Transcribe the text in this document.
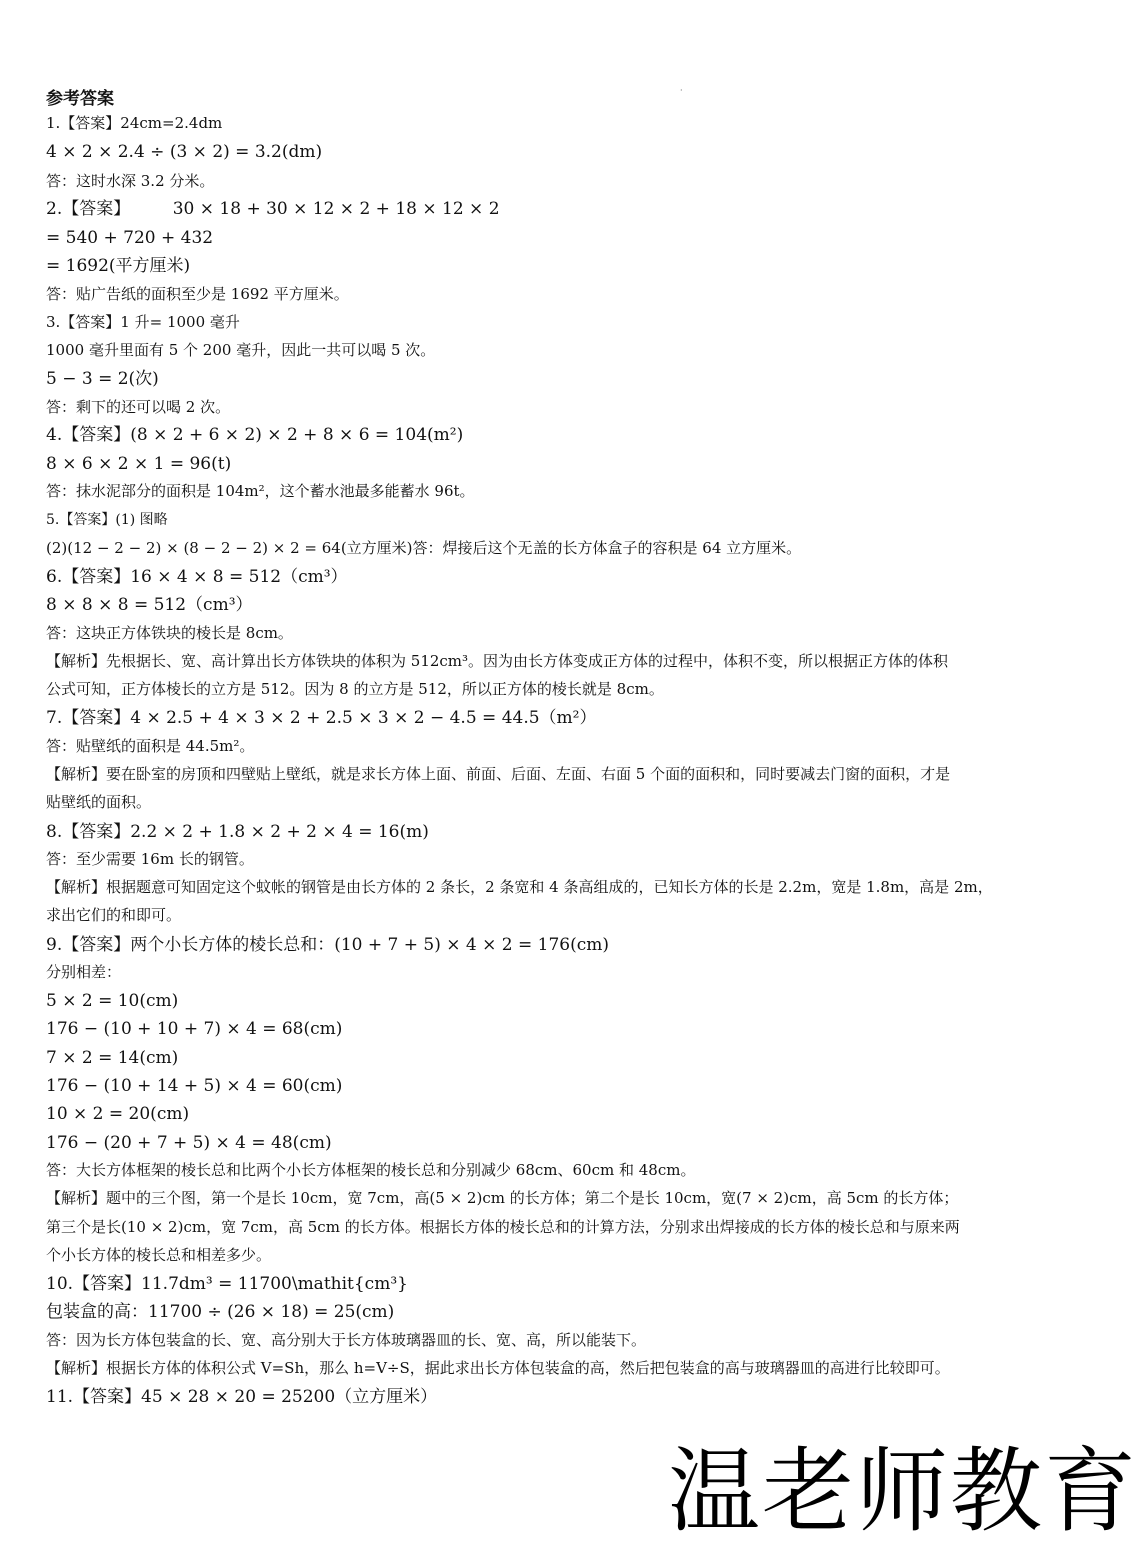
参考答案	·
1.【答案】24cm=2.4dm
4 × 2 × 2.4 ÷ (3 × 2) = 3.2(dm)
答：这时水深 3.2 分米。
2.【答案】　　　30 × 18 + 30 × 12 × 2 + 18 × 12 × 2
= 540 + 720 + 432
= 1692(平方厘米)
答：贴广告纸的面积至少是 1692 平方厘米。
3.【答案】1 升= 1000 毫升
1000 毫升里面有 5 个 200 毫升，因此一共可以喝 5 次。
5 − 3 = 2(次)
答：剩下的还可以喝 2 次。
4.【答案】(8 × 2 + 6 × 2) × 2 + 8 × 6 = 104(m²)
8 × 6 × 2 × 1 = 96(t)
答：抹水泥部分的面积是 104m²，这个蓄水池最多能蓄水 96t。
5.【答案】(1) 图略
(2)(12 − 2 − 2) × (8 − 2 − 2) × 2 = 64(立方厘米)答：焊接后这个无盖的长方体盒子的容积是 64 立方厘米。
6.【答案】16 × 4 × 8 = 512（cm³）
8 × 8 × 8 = 512（cm³）
答：这块正方体铁块的棱长是 8cm。
【解析】先根据长、宽、高计算出长方体铁块的体积为 512cm³。因为由长方体变成正方体的过程中，体积不变，所以根据正方体的体积
公式可知，正方体棱长的立方是 512。因为 8 的立方是 512，所以正方体的棱长就是 8cm。
7.【答案】4 × 2.5 + 4 × 3 × 2 + 2.5 × 3 × 2 − 4.5 = 44.5（m²）
答：贴壁纸的面积是 44.5m²。
【解析】要在卧室的房顶和四壁贴上壁纸，就是求长方体上面、前面、后面、左面、右面 5 个面的面积和，同时要减去门窗的面积，才是
贴壁纸的面积。
8.【答案】2.2 × 2 + 1.8 × 2 + 2 × 4 = 16(m)
答：至少需要 16m 长的钢管。
【解析】根据题意可知固定这个蚊帐的钢管是由长方体的 2 条长，2 条宽和 4 条高组成的，已知长方体的长是 2.2m，宽是 1.8m，高是 2m，
求出它们的和即可。
9.【答案】两个小长方体的棱长总和：(10 + 7 + 5) × 4 × 2 = 176(cm)
分别相差：
5 × 2 = 10(cm)
176 − (10 + 10 + 7) × 4 = 68(cm)
7 × 2 = 14(cm)
176 − (10 + 14 + 5) × 4 = 60(cm)
10 × 2 = 20(cm)
176 − (20 + 7 + 5) × 4 = 48(cm)
答：大长方体框架的棱长总和比两个小长方体框架的棱长总和分别减少 68cm、60cm 和 48cm。
【解析】题中的三个图，第一个是长 10cm，宽 7cm，高(5 × 2)cm 的长方体；第二个是长 10cm，宽(7 × 2)cm，高 5cm 的长方体；
第三个是长(10 × 2)cm，宽 7cm，高 5cm 的长方体。根据长方体的棱长总和的计算方法，分别求出焊接成的长方体的棱长总和与原来两
个小长方体的棱长总和相差多少。
10.【答案】11.7dm³ = 11700\mathit{cm³}
包装盒的高：11700 ÷ (26 × 18) = 25(cm)
答：因为长方体包装盒的长、宽、高分别大于长方体玻璃器皿的长、宽、高，所以能装下。
【解析】根据长方体的体积公式 V=Sh，那么 h=V÷S，据此求出长方体包装盒的高，然后把包装盒的高与玻璃器皿的高进行比较即可。
11.【答案】45 × 28 × 20 = 25200（立方厘米）
温老师教育
